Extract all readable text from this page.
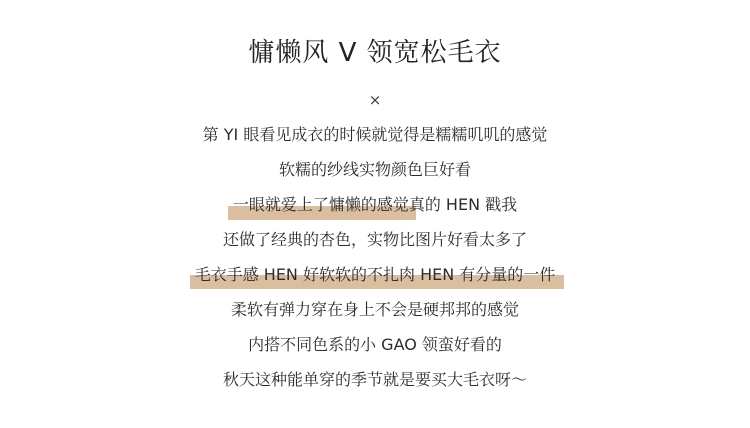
慵懒风 V 领宽松毛衣
×
第 YI 眼看见成衣的时候就觉得是糯糯叽叽的感觉
软糯的纱线实物颜色巨好看
一眼就爱上了慵懒的感觉真的 HEN 戳我
还做了经典的杏色，实物比图片好看太多了
毛衣手感 HEN 好软软的不扎肉 HEN 有分量的一件
柔软有弹力穿在身上不会是硬邦邦的感觉
内搭不同色系的小 GAO 领蛮好看的
秋天这种能单穿的季节就是要买大毛衣呀～
